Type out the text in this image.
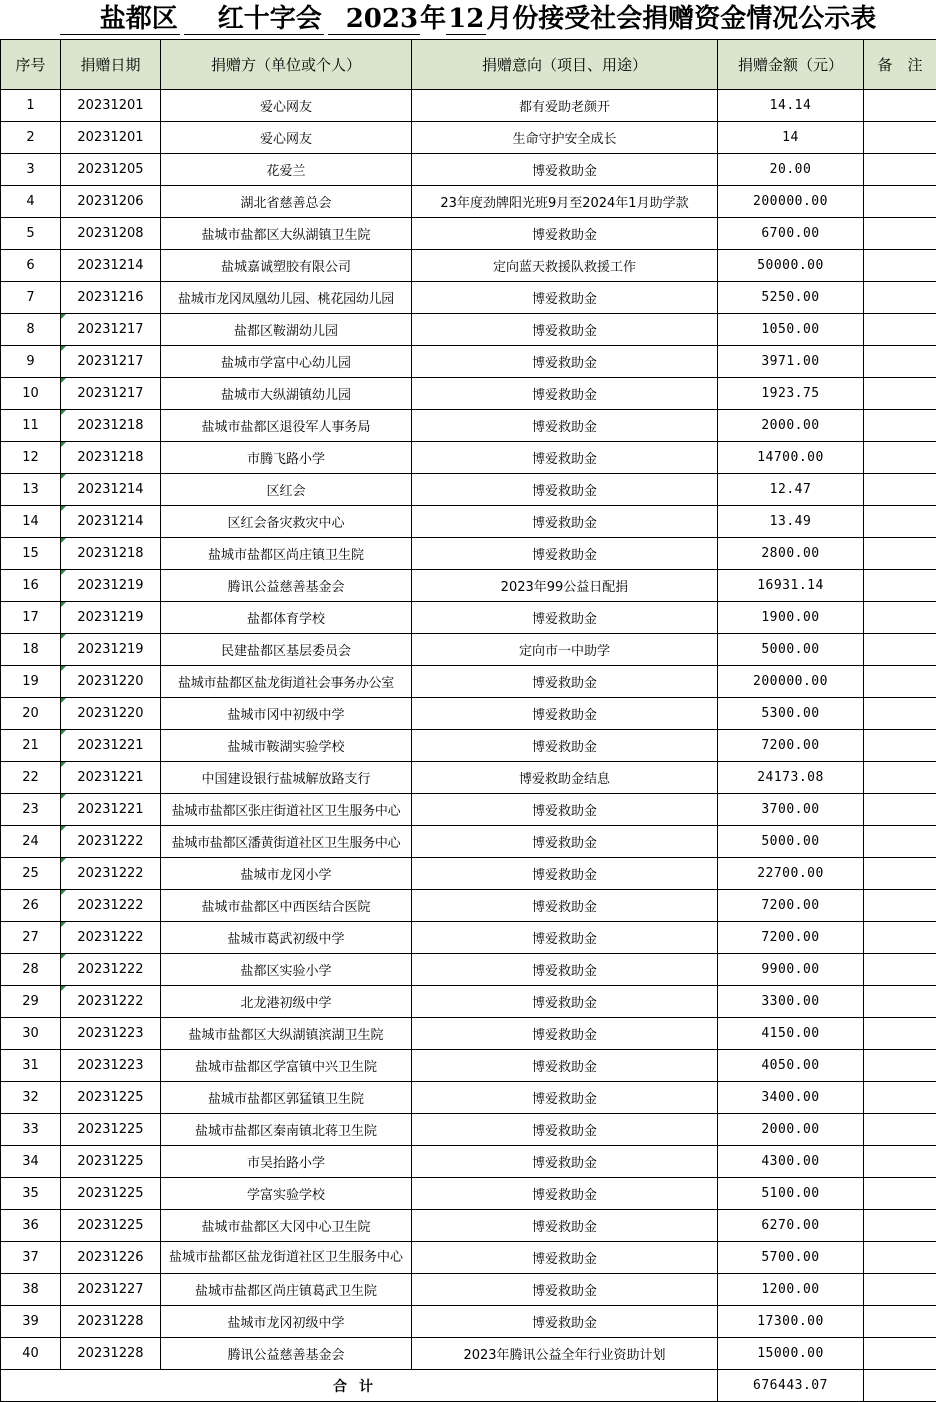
盐都区 红十字会 2023年12月份接受社会捐赠资金情况公示表
序号	捐赠日期	捐赠方（单位或个人）	捐赠意向（项目、用途）	捐赠金额（元）	备　注
1	20231201	爱心网友	都有爱助老颜开	14.14	
2	20231201	爱心网友	生命守护安全成长	14	
3	20231205	花爱兰	博爱救助金	20.00	
4	20231206	湖北省慈善总会	23年度劲牌阳光班9月至2024年1月助学款	200000.00	
5	20231208	盐城市盐都区大纵湖镇卫生院	博爱救助金	6700.00	
6	20231214	盐城嘉诚塑胶有限公司	定向蓝天救援队救援工作	50000.00	
7	20231216	盐城市龙冈凤凰幼儿园、桃花园幼儿园	博爱救助金	5250.00	
8	20231217	盐都区鞍湖幼儿园	博爱救助金	1050.00	
9	20231217	盐城市学富中心幼儿园	博爱救助金	3971.00	
10	20231217	盐城市大纵湖镇幼儿园	博爱救助金	1923.75	
11	20231218	盐城市盐都区退役军人事务局	博爱救助金	2000.00	
12	20231218	市腾飞路小学	博爱救助金	14700.00	
13	20231214	区红会	博爱救助金	12.47	
14	20231214	区红会备灾救灾中心	博爱救助金	13.49	
15	20231218	盐城市盐都区尚庄镇卫生院	博爱救助金	2800.00	
16	20231219	腾讯公益慈善基金会	2023年99公益日配捐	16931.14	
17	20231219	盐都体育学校	博爱救助金	1900.00	
18	20231219	民建盐都区基层委员会	定向市一中助学	5000.00	
19	20231220	盐城市盐都区盐龙街道社会事务办公室	博爱救助金	200000.00	
20	20231220	盐城市冈中初级中学	博爱救助金	5300.00	
21	20231221	盐城市鞍湖实验学校	博爱救助金	7200.00	
22	20231221	中国建设银行盐城解放路支行	博爱救助金结息	24173.08	
23	20231221	盐城市盐都区张庄街道社区卫生服务中心	博爱救助金	3700.00	
24	20231222	盐城市盐都区潘黄街道社区卫生服务中心	博爱救助金	5000.00	
25	20231222	盐城市龙冈小学	博爱救助金	22700.00	
26	20231222	盐城市盐都区中西医结合医院	博爱救助金	7200.00	
27	20231222	盐城市葛武初级中学	博爱救助金	7200.00	
28	20231222	盐都区实验小学	博爱救助金	9900.00	
29	20231222	北龙港初级中学	博爱救助金	3300.00	
30	20231223	盐城市盐都区大纵湖镇滨湖卫生院	博爱救助金	4150.00	
31	20231223	盐城市盐都区学富镇中兴卫生院	博爱救助金	4050.00	
32	20231225	盐城市盐都区郭猛镇卫生院	博爱救助金	3400.00	
33	20231225	盐城市盐都区秦南镇北蒋卫生院	博爱救助金	2000.00	
34	20231225	市吴抬路小学	博爱救助金	4300.00	
35	20231225	学富实验学校	博爱救助金	5100.00	
36	20231225	盐城市盐都区大冈中心卫生院	博爱救助金	6270.00	
37	20231226	盐城市盐都区盐龙街道社区卫生服务中心	博爱救助金	5700.00	
38	20231227	盐城市盐都区尚庄镇葛武卫生院	博爱救助金	1200.00	
39	20231228	盐城市龙冈初级中学	博爱救助金	17300.00	
40	20231228	腾讯公益慈善基金会	2023年腾讯公益全年行业资助计划	15000.00	
合计				676443.07	
